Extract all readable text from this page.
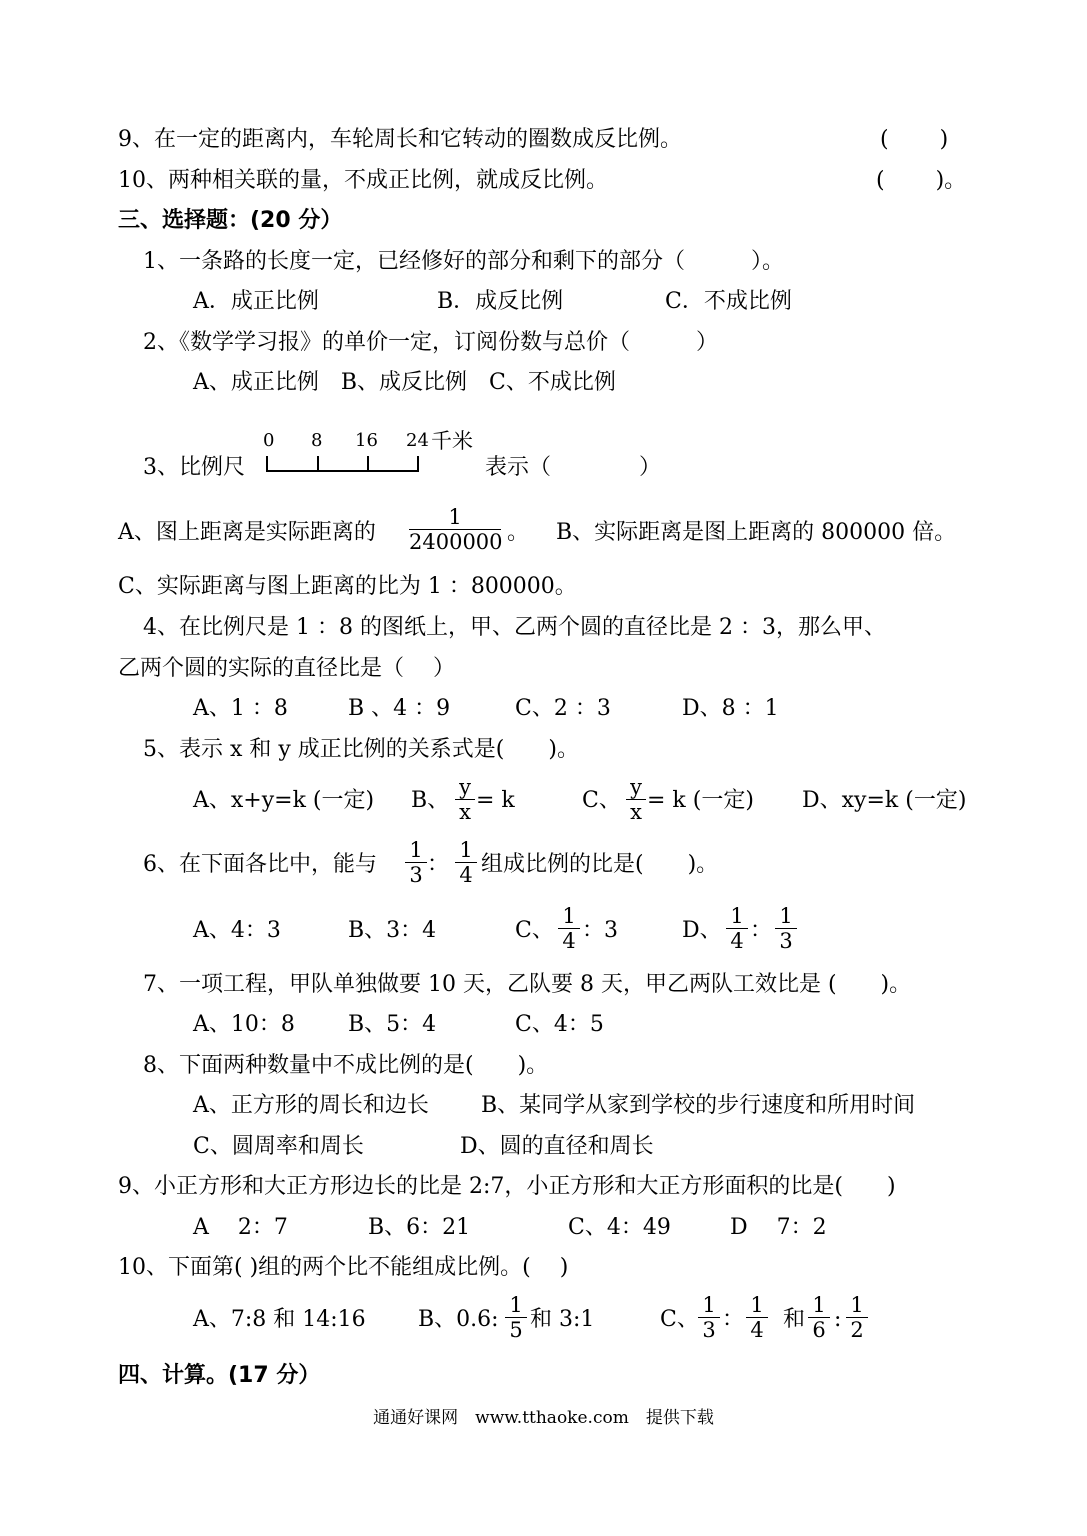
9、在一定的距离内，车轮周长和它转动的圈数成反比例。	(　　 )
10、两种相关联的量，不成正比例，就成反比例。	(　　 )。
三、选择题：(20 分）
1、一条路的长度一定，已经修好的部分和剩下的部分（　　　）。
A．成正比例	B．成反比例	C．不成比例
2、《数学学习报》的单价一定，订阅份数与总价（　　　）
A、成正比例　B、成反比例　C、不成比例
0 8 16 24 千米
3、比例尺	表示（　　　　）
A、图上距离是实际距离的
1
2400000 。 B、实际距离是图上距离的 800000 倍。
C、实际距离与图上距离的比为 1 ：800000。
4、在比例尺是 1 ：8 的图纸上，甲、乙两个圆的直径比是 2 ：3，那么甲、
乙两个圆的实际的直径比是（　 ）
A、1 ：8	B 、4 ：9	C、2 ：3	D、8 ：1
5、表示 x 和 y 成正比例的关系式是(　　)。
A、x+y=k (一定) B、
y
x = k	C、
y
x = k (一定) D、xy=k (一定)
6、在下面各比中，能与
1
3 ：
1
4 组成比例的比是(　　)。
A、4：3	B、3：4	C、
1
4 ：3	D、
1
4 ：
1
3
7、一项工程，甲队单独做要 10 天，乙队要 8 天，甲乙两队工效比是 (　　)。
A、10：8 B、5：4	C、4：5
8、下面两种数量中不成比例的是(　　)。
A、正方形的周长和边长 B、某同学从家到学校的步行速度和所用时间
C、圆周率和周长	D、圆的直径和周长
9、小正方形和大正方形边长的比是 2:7，小正方形和大正方形面积的比是(　　)
A　 2：7	B、6：21	C、4：49	D　 7：2
10、下面第( )组的两个比不能组成比例。(　 )
A、7:8 和 14:16 B、0.6:
1
5 和 3:1	C、
1
3 ：
1
4 和
1
6 :
1
2
四、计算。(17 分）
通通好课网　www.tthaoke.com　提供下载
